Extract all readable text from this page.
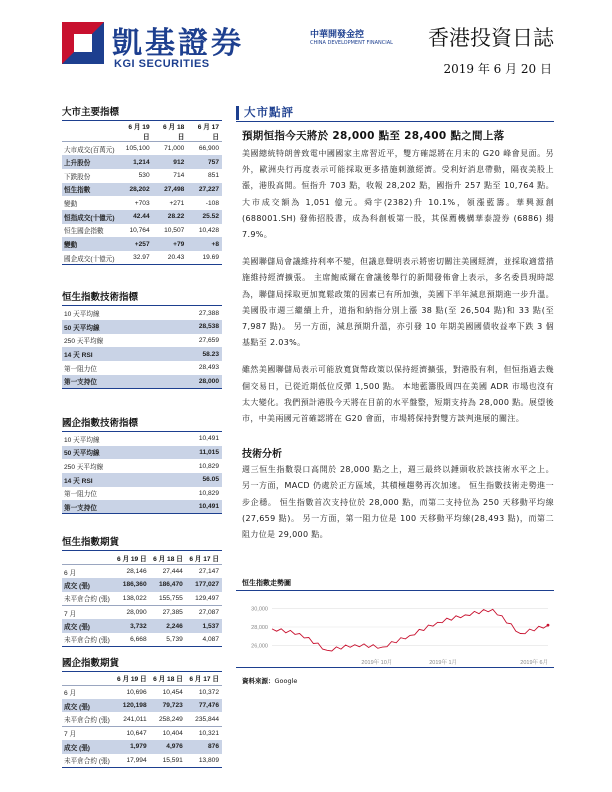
凱基證券
KGI SECURITIES
中華開發金控
CHINA DEVELOPMENT FINANCIAL 香港投資日誌
2019 年 6 月 20 日
大市主要指標
	6 月 19 日	6 月 18 日	6 月 17 日
大市成交(百萬元)	105,100	71,000	66,900
上升股份	1,214	912	757
下跌股份	530	714	851
恒生指數	28,202	27,498	27,227
變動	+703	+271	-108
恒指成交(十億元)	42.44	28.22	25.52
恒生國企指數	10,764	10,507	10,428
變動	+257	+79	+8
國企成交(十億元)	32.97	20.43	19.69
恒生指數技術指標
10 天平均線	27,388
50 天平均線	28,538
250 天平均線	27,659
14 天 RSI	58.23
第一阻力位	28,493
第一支持位	28,000
國企指數技術指標
10 天平均線	10,491
50 天平均線	11,015
250 天平均線	10,829
14 天 RSI	56.05
第一阻力位	10,829
第一支持位	10,491
恒生指數期貨
	6 月 19 日	6 月 18 日	6 月 17 日
6 月	28,146	27,444	27,147
成交 (張)	186,360	186,470	177,027
未平倉合約 (張)	138,022	155,755	129,497
7 月	28,090	27,385	27,087
成交 (張)	3,732	2,246	1,537
未平倉合約 (張)	6,668	5,739	4,087
國企指數期貨
	6 月 19 日	6 月 18 日	6 月 17 日
6 月	10,696	10,454	10,372
成交 (張)	120,198	79,723	77,476
未平倉合約 (張)	241,011	258,249	235,844
7 月	10,647	10,404	10,321
成交 (張)	1,979	4,976	876
未平倉合約 (張)	17,994	15,591	13,809
大市點評
預期恒指今天將於 28,000 點至 28,400 點之間上落

美國總統特朗普致電中國國家主席習近平，雙方確認將在月末的 G20 峰會見面。另外，歐洲央行再度表示可能採取更多措施刺激經濟。受利好消息帶動，隔夜美股上漲，港股高開。恒指升 703 點，收報 28,202 點，國指升 257 點至 10,764 點。大市成交額為 1,051 億元。舜宇(2382)升 10.1%，領漲藍籌。華興源創 (688001.SH) 發佈招股書，成為科創板第一股，其保薦機構華泰證券 (6886) 揚 7.9%。

美國聯儲局會議維持利率不變，但議息聲明表示將密切關注美國經濟，並採取適當措施維持經濟擴張。 主席鮑威爾在會議後舉行的新聞發佈會上表示，多名委員現時認為，聯儲局採取更加寬鬆政策的因素已有所加強，美國下半年減息預期進一步升溫。 美國股市週三繼續上升，道指和納指分別上漲 38 點(至 26,504 點)和 33 點(至 7,987 點)。 另一方面，減息預期升溫，亦引發 10 年期美國國債收益率下跌 3 個基點至 2.03%。

雖然美國聯儲局表示可能放寬貨幣政策以保持經濟擴張，對港股有利，但恒指過去幾個交易日，已從近期低位反彈 1,500 點。 本地藍籌股周四在美國 ADR 市場也沒有太大變化。我們預計港股今天將在目前的水平盤整，短期支持為 28,000 點。展望後市，中美兩國元首確認將在 G20 會面，市場將保持對雙方談判進展的關注。

技術分析

週三恒生指數裂口高開於 28,000 點之上，週三最終以錘頭收於該技術水平之上。 另一方面，MACD 仍處於正方區域，其積極趨勢再次加速。 恒生指數技術走勢進一步企穩。 恒生指數首次支持位於 28,000 點，而第二支持位為 250 天移動平均線 (27,659 點)。 另一方面，第一阻力位是 100 天移動平均線(28,493 點)，而第二阻力位是 29,000 點。

恒生指數走勢圖
30,000
28,000
26,000
2019年 10月	2019年 1月	2019年 6月
資料來源：Google
